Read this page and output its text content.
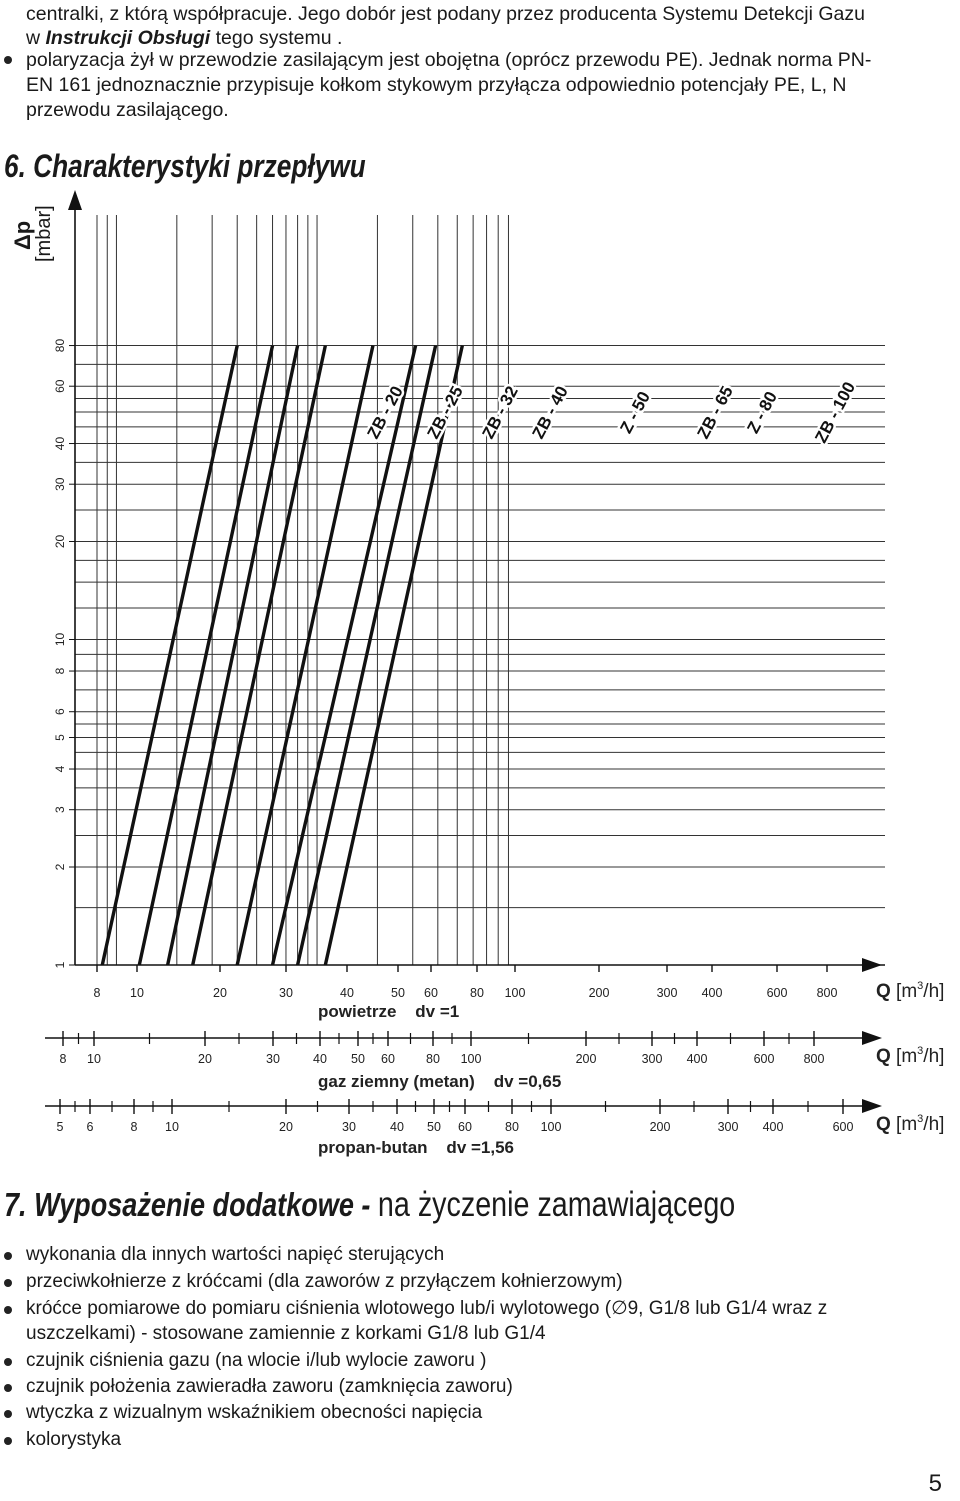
centralki, z którą współpracuje. Jego dobór jest podany przez producenta Systemu Detekcji Gazu

w Instrukcji Obsługi tego systemu .

polaryzacja żył w przewodzie zasilającym jest obojętna (oprócz przewodu PE). Jednak norma PN-

EN 161 jednoznacznie przypisuje kołkom stykowym przyłącza odpowiednio potencjały PE, L, N

przewodu zasilającego.

6. Charakterystyki przepływu
1
2
3
4
5
6
8
10
20
30
40
60
80
ZB - 20 ZB - 25 ZB - 32 ZB - 40	Z - 50 ZB - 65 Z - 80 ZB - 100
8 10	20	30	40	50 60	80 100	200	300 400	600 800
powietrze    dv =1
Q $[m^3/h]$
8 10	20	30	40 50 60 80 100	200	300 400	600 800
gaz ziemny (metan)    dv =0,65
Q $[m^3/h]$
5 6	8 10	20	30	40 50 60	80 100	200	300 400	600
propan-butan    dv =1,56
Q $[m^3/h]$
Δp
[mbar]
7. Wyposażenie dodatkowe - na życzenie zamawiającego

wykonania dla innych wartości napięć sterujących

przeciwkołnierze z króćcami (dla zaworów z przyłączem kołnierzowym)

króćce pomiarowe do pomiaru ciśnienia wlotowego lub/i wylotowego (∅9, G1/8 lub G1/4 wraz z

uszczelkami) - stosowane zamiennie z korkami G1/8 lub G1/4

czujnik ciśnienia gazu (na wlocie i/lub wylocie zaworu )

czujnik położenia zawieradła zaworu (zamknięcia zaworu)

wtyczka z wizualnym wskaźnikiem obecności napięcia

kolorystyka

5
